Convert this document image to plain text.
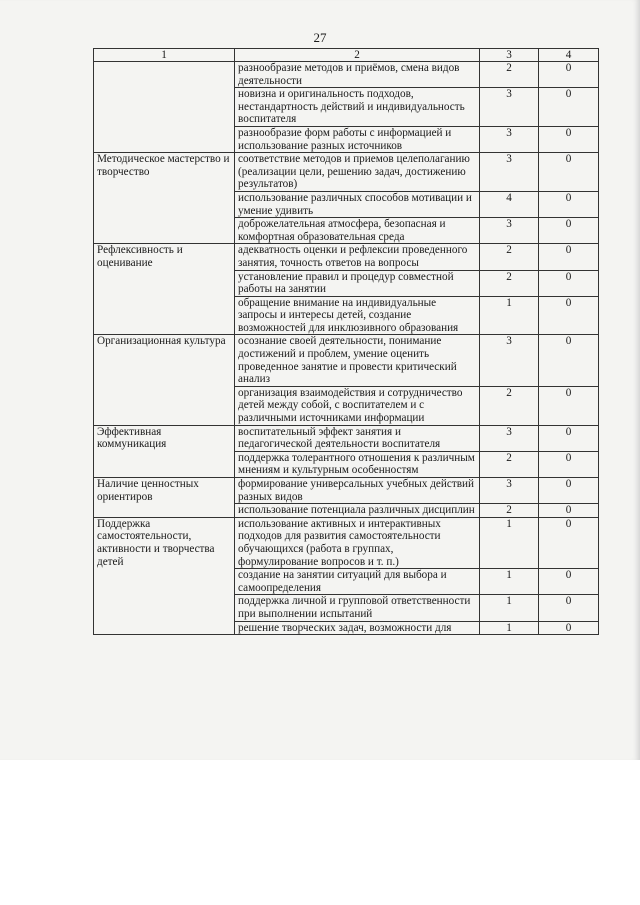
27
1	2	3	4
	разнообразие методов и приёмов, смена видов деятельности	2	0
	новизна и оригинальность подходов, нестандартность действий и индивидуальность воспитателя	3	0
	разнообразие форм работы с информацией и использование разных источников	3	0
Методическое мастерство и творчество	соответствие методов и приемов целеполаганию (реализации цели, решению задач, достижению результатов)	3	0
	использование различных способов мотивации и умение удивить	4	0
	доброжелательная атмосфера, безопасная и комфортная образовательная среда	3	0
Рефлексивность и оценивание	адекватность оценки и рефлексии проведенного занятия, точность ответов на вопросы	2	0
	установление правил и процедур совместной работы на занятии	2	0
	обращение внимание на индивидуальные запросы и интересы детей, создание возможностей для инклюзивного образования	1	0
Организационная культура	осознание своей деятельности, понимание достижений и проблем, умение оценить проведенное занятие и провести критический анализ	3	0
	организация взаимодействия и сотрудничество детей между собой, с воспитателем и с различными источниками информации	2	0
Эффективная коммуникация	воспитательный эффект занятия и педагогической деятельности воспитателя	3	0
	поддержка толерантного отношения к различным мнениям и культурным особенностям	2	0
Наличие ценностных ориентиров	формирование универсальных учебных действий разных видов	3	0
	использование потенциала различных дисциплин	2	0
Поддержка самостоятельности, активности и творчества детей	использование активных и интерактивных подходов для развития самостоятельности обучающихся (работа в группах, формулирование вопросов и т. п.)	1	0
	создание на занятии ситуаций для выбора и самоопределения	1	0
	поддержка личной и групповой ответственности при выполнении испытаний	1	0
	решение творческих задач, возможности для	1	0
